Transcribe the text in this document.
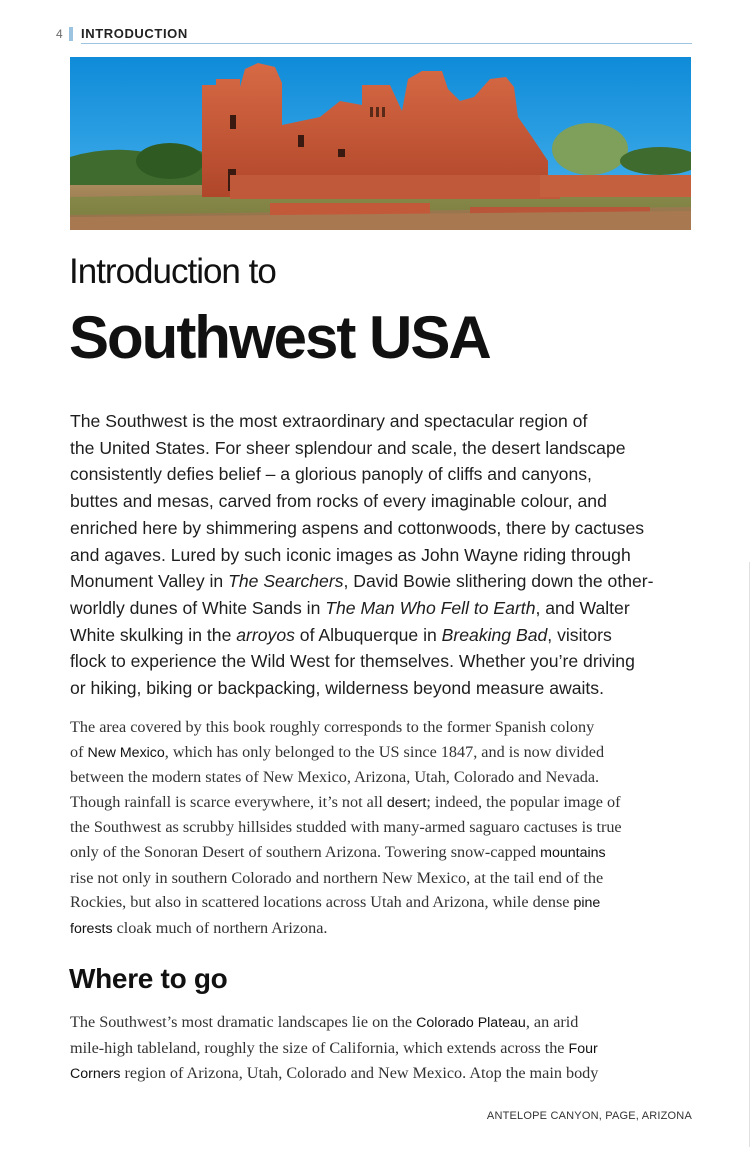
4 INTRODUCTION
Introduction to
Southwest USA
The Southwest is the most extraordinary and spectacular region of
the United States. For sheer splendour and scale, the desert landscape
consistently defies belief – a glorious panoply of cliffs and canyons,
buttes and mesas, carved from rocks of every imaginable colour, and
enriched here by shimmering aspens and cottonwoods, there by cactuses
and agaves. Lured by such iconic images as John Wayne riding through
Monument Valley in The Searchers, David Bowie slithering down the other-
worldly dunes of White Sands in The Man Who Fell to Earth, and Walter
White skulking in the arroyos of Albuquerque in Breaking Bad, visitors
flock to experience the Wild West for themselves. Whether you’re driving
or hiking, biking or backpacking, wilderness beyond measure awaits.
The area covered by this book roughly corresponds to the former Spanish colony
of New Mexico, which has only belonged to the US since 1847, and is now divided
between the modern states of New Mexico, Arizona, Utah, Colorado and Nevada.
Though rainfall is scarce everywhere, it’s not all desert; indeed, the popular image of
the Southwest as scrubby hillsides studded with many-armed saguaro cactuses is true
only of the Sonoran Desert of southern Arizona. Towering snow-capped mountains
rise not only in southern Colorado and northern New Mexico, at the tail end of the
Rockies, but also in scattered locations across Utah and Arizona, while dense pine
forests cloak much of northern Arizona.
Where to go
The Southwest’s most dramatic landscapes lie on the Colorado Plateau, an arid
mile-high tableland, roughly the size of California, which extends across the Four
Corners region of Arizona, Utah, Colorado and New Mexico. Atop the main body
ANTELOPE CANYON, PAGE, ARIZONA
